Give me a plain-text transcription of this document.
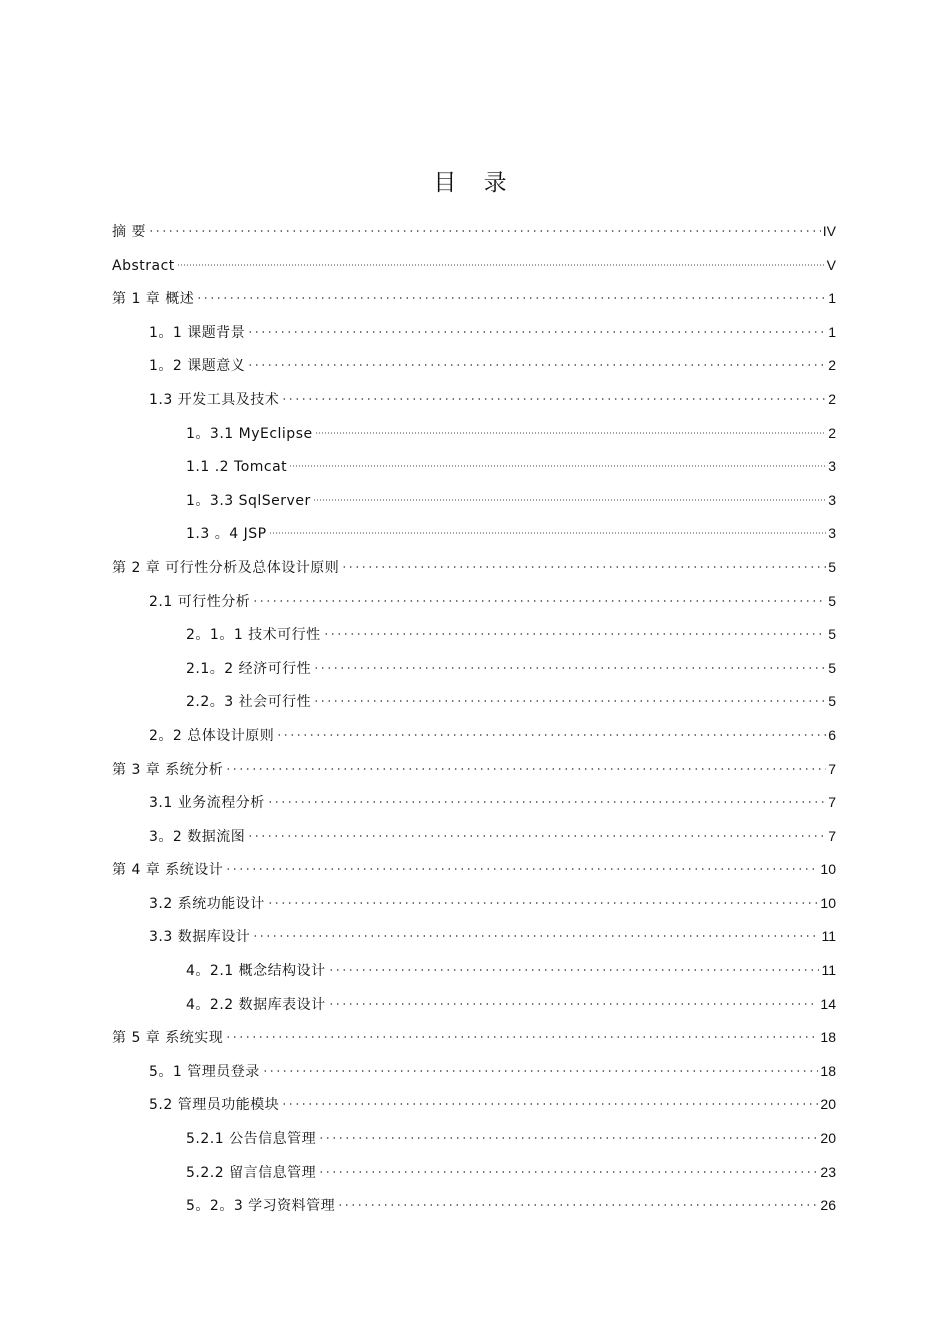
目 录
摘 要	IV
Abstract	V
第 1 章 概述	1
1。1 课题背景	1
1。2 课题意义	2
1.3 开发工具及技术	2
1。3.1 MyEclipse	2
1.1 .2 Tomcat	3
1。3.3 SqlServer	3
1.3 。4 JSP	3
第 2 章 可行性分析及总体设计原则	5
2.1 可行性分析	5
2。1。1 技术可行性	5
2.1。2 经济可行性	5
2.2。3 社会可行性	5
2。2 总体设计原则	6
第 3 章 系统分析	7
3.1 业务流程分析	7
3。2 数据流图	7
第 4 章 系统设计	10
3.2 系统功能设计	10
3.3 数据库设计	11
4。2.1 概念结构设计	11
4。2.2 数据库表设计	14
第 5 章 系统实现	18
5。1 管理员登录	18
5.2 管理员功能模块	20
5.2.1 公告信息管理	20
5.2.2 留言信息管理	23
5。2。3 学习资料管理	26
